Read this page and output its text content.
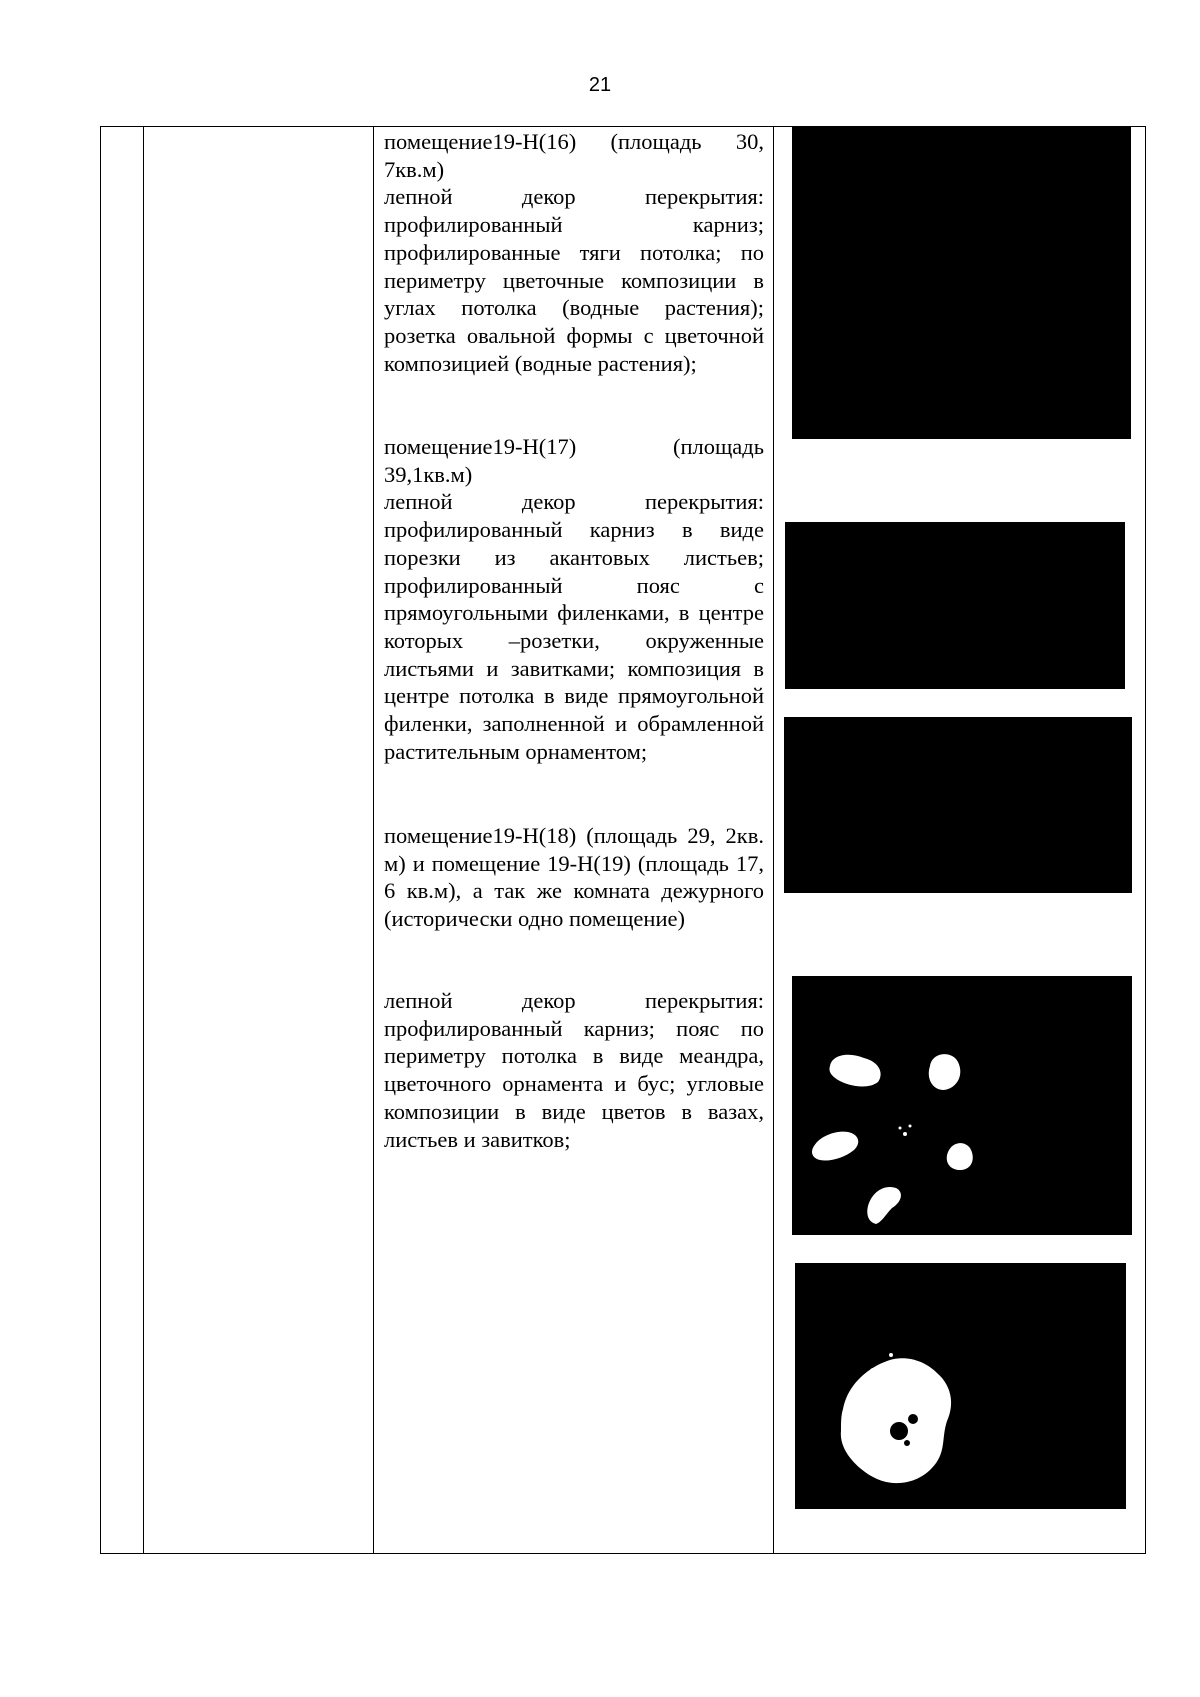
21

помещение19-Н(16) (площадь 30, 7кв.м)

лепной декор перекрытия: профилированный карниз; профилированные тяги потолка; по периметру цветочные композиции в углах потолка (водные растения); розетка овальной формы с цветочной композицией (водные растения);

помещение19-Н(17) (площадь 39,1кв.м)

лепной декор перекрытия: профилированный карниз в виде порезки из акантовых листьев; профилированный пояс с прямоугольными филенками, в центре которых –розетки, окруженные листьями и завитками; композиция в центре потолка в виде прямоугольной филенки, заполненной и обрамленной растительным орнаментом;

помещение19-Н(18) (площадь 29, 2кв. м) и помещение 19-Н(19) (площадь 17, 6 кв.м), а так же комната дежурного (исторически одно помещение)

лепной декор перекрытия: профилированный карниз; пояс по периметру потолка в виде меандра, цветочного орнамента и бус; угловые композиции в виде цветов в вазах, листьев и завитков;
